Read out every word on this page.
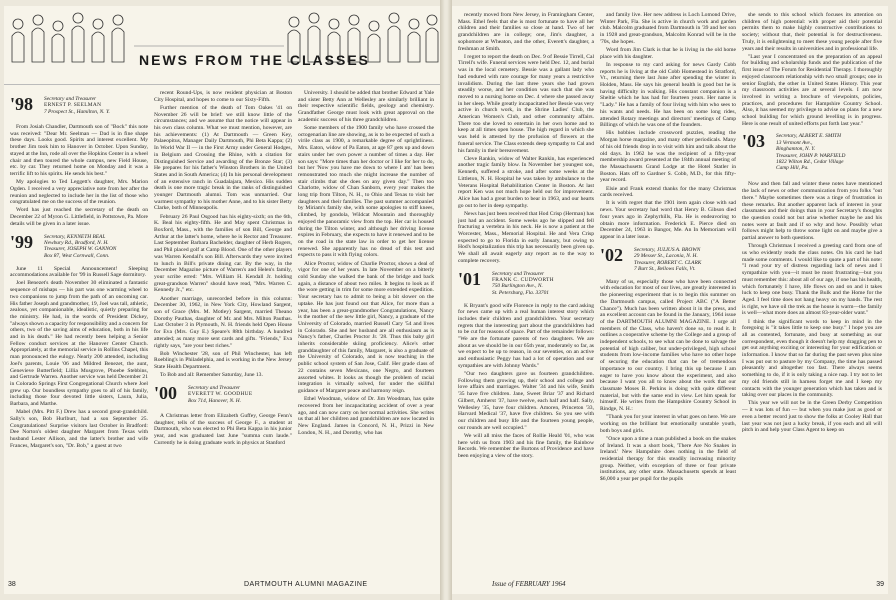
NEWS FROM THE CLASSES
'98 Secretary and Treasurer
ERNEST P. SEELMAN
7 Prospect St., Hamilton, N. Y.

From Josiah Chandler, Dartmouth son of "Bock" this note was received: "Dear Mr. Seelman — Dad is in fine shape these days. Looks good. Spirits and interest excellent. My brother Jim took him to Hanover in October. Upon Sunday, stayed at the Inn, rode all over the Hopkins Center in a wheel chair and then toured the whole campus, new Field House, etc. by car. They returned home on Monday and it was a terrific lift to his spirits. He sends his best."

My apologies to Ted Leggett's daughter, Mrs. Marion Ogden. I received a very appreciative note from her after the reunion and neglected to include her in the list of those who congratulated me on the success of the reunion.

Word has just reached the secretary of the death on December 22 of Myron G. Littlefield, in Pottstown, Pa. More details will be given in a later issue.

'99 Secretary, KENNETH BEAL
Newbury Rd., Bradford, N. H.
Treasurer, JOSEPH W. GANNON
Box 87, West Cornwall, Conn.

June 11 Special Announcement! Sleeping accommodations available for '99 in Russell Sage dormitory.

Joel Benezet's death November 30 eliminated a fantastic sequence of mishaps — his part was one warming wheel to two companions to jump from the path of an oncoming car. His father Joseph and grandmother, 19, Joel was tall, athletic, zealous, yet companionable, idealistic, quietly preparing for the ministry. He had, in the words of President Dickey, "always shown a capacity for responsibility and a concern for others, two of the saving aims of education, both in his life and in his death." He had recently been helping a Senior Fellow conduct services at the Hanover Center Church. Appropriately, at the memorial service in Rollins Chapel, this man pronounced the eulogy. Nearly 200 attended, including Joel's parents, Louie '06 and Mildred Benezet, the aunt, Genevieve Butterfield; Lillia Musgrove, Phoebe Stebbins, and Gertrude Warren. Another service was held December 21 in Colorado Springs First Congregational Church where Joel grew up. Our boundless sympathy goes to all of his family, including those four devoted little sisters, Laura, Julia, Barbara, and Marthe.

Mabel (Mrs. Pitt F.) Drew has a second great-grandchild. Sally's son, Bob Hurlburt, had a son September 25. Congratulations! Surprise visitors last October in Bradford: Dee Norton's oldest daughter Margaret from Texas with husband Lester Allison, and the latter's brother and wife Frances, Margaret's son, "Dr. Bob," a guest at two

recent Round-Ups, is now resident physician at Boston City Hospital, and hopes to come to our Sixty-Fifth.

Further mention of the death of Tom Oakes '41 on November 26 will be brief: we still know little of the circumstances; and we assume that the notice will appear in his own class column. What we must mention, however, are his achievements: (1) At Dartmouth — Green Key, Palaeopitus, Manager Daily Dartmouth, Phi Beta Kappa; (2) In World War II — in the First Army under General Hodges, in Belgium and Crossing the Rhine, with a citation for Distinguished Service and awarding of the Bronze Star; (3) He prepares for his father's Winston Brothers in the United States and in South America; (4) In his personal development of an extensive ranch in Guadalajara, Mexico. His sudden death is one more tragic break in the ranks of distinguished younger Dartmouth alumni. Tom was unmarried. Our warmest sympathy to his mother Anne, and to his sister Betty Clarke, both of Minneapolis.

February 26 Paul Osgood has his eighty-sixth; on the 6th, K. Beal his eighty-fifth. He and May spent Christmas in Boxford, Mass., with the families of son Bill, George and Arthur at the latter's home, where he is Rector and Treasurer. Last September Barbara Bachelder, daughter of Herb Rogers, and Phil placed golf at Camp Blood. One of the other players was Warren Kendall's son Bill. Afterwards they were invited to lunch in Bill's private dining car. By the way, in the December Magazine picture of Warren's and Helen's family, your scribe erred: "Mrs. William H. Kendall Jr. holding great-grandson Warren" should have read, "Mrs. Warren C. Kennedy Jr.," etc.

Another marriage, unrecorded before in this column: December 30, 1962, in New York City, Howland Sargent, son of Grace (Mrs. M. Motley) Sargent, married Theano Dorothy Pauthas, daughter of Mr. and Mrs. Milton Pauthas. Last October 3 in Plymouth, N. H. friends held Open House for Eva (Mrs. Guy E.) Speare's 88th birthday. A hundred attended; as many more sent cards and gifts. "Friends," Eva rightly says, "are your best riches."

Bob Winchester '28, son of Phil Winchester, has left Roebling's in Philadelphia, and is working in the New Jersey State Health Department.

To Bob and all: Remember Saturday, June 13.

'00 Secretary and Treasurer
EVERETT W. GOODHUE
Box 714, Hanover, N. H.

A Christmas letter from Elizabeth Guffey, George Fenn's daughter, tells of the success of George F., a student at Dartmouth, who was elected to Phi Beta Kappa in his junior year, and was graduated last June "summa cum laude." Currently he is doing graduate work in physics at Stanford

University. I should be added that brother Edward at Yale and sister Betty Ann at Wellesley are similarly brilliant in their respective scientific fields, geology and chemistry. Grandfather George must look with great approval on the academic success of his three grandchildren.

Some members of the 1900 family who have crossed the octogenarian line are showing, as is to be expected of such a virile class as 1900, a remarkable degree of sprightliness. Mrs. Eaton, widow of Pa Eaton, at age 87 gets up and down stairs under her own power a number of times a day. Her son says: "More times than her doctor or I like for her to do, but her 'Now you have me down to where I am' has been remonstrated too much she might increase the number of stair climbs that she does on any given day." Then too Charlotte, widow of Chan Sanborn, every year makes the long trip from Tilton, N. H., to Ohio and Texas to visit her daughters and their families. The past summer accompanied by Miriam's family she, with some apologies to stiff knees, climbed, by gondola, Wildcat Mountain and thoroughly enjoyed the panoramic view from the top. Her car is housed during the Tilton winter, and although her driving license expires in February, she expects to have it renewed and to be on the road in the state law in order to get her license renewed. She apparently has no dread of this test and expects to pass it with flying colors.

Alice Proctor, widow of Charlie Proctor, shows a deal of vigor for one of her years. In late November on a bitterly cold Sunday she walked the bank of the bridge and back again, a distance of about two miles. It begins to look as if the wore getting in trim for some more extended expedition. Your secretary has to admit to being a bit slower on the uptake. He has just found out that Alice, for more than a year, has been a great-grandmother Congratulations, Nancy is the mother of the new little girl, Nancy, a graduate of the University of Colorado, married Russell Cary '54 and lives in Colorado. She and her husband are all enthusiasm as is Nancy's father, Charles Proctor Jr. '28. Thus this baby girl inherits considerable skiing proficiency. Alice's other granddaughter of this family, Margaret, is also a graduate of the University of Colorado, and is now teaching in the public school system of San Jose, Calif. Her grade class of 22 contains seven Mexicans, one Negro, and fourteen assorted whites. It looks as though the problem of racial integration is virtually solved, for under the skillful guidance of Margaret peace and harmony reign.

Ethel Woodman, widow of Dr. Jim Woodman, has quite recovered from her incapacitating accident of over a year ago, and can now carry on her normal activities. She writes us that all her children and grandchildren are now located in New England. James in Concord, N. H., Prizzi in New London, N. H., and Dorothy, who has

38	DARTMOUTH ALUMNI MAGAZINE

recently moved from New Jersey, in Framingham Center, Mass. Ethel feels that she is most fortunate to have all her children and their families so close at hand. Two of her grandchildren are in college; one, Jim's daughter, a sophomore at Wheaton, and the other, Everett's daughter, a freshman at Smith.

I regret to report the death on Dec. 9 of Bessie Tirrell, Cal Tirrell's wife. Funeral services were held Dec. 12, and burial was in the local cemetery. Bessie was a gallant lady who had endured with rare courage for many years a restrictive invalidism. During the last three years she had grown steadily worse, and her condition was such that she was moved to a nursing home on Dec. 4 where she passed away in her sleep. While greatly incapacitated her Bessie was very active in church work, in the Shrine Ladies' Club, the American Women's Club, and other community affairs. There too she loved to entertain in her own home and to keep at all times open house. The high regard in which she was held is attested by the profusion of flowers at the funeral service. The Class extends deep sympathy to Cal and his family in their bereavement.

Cleve Rankin, widow of Walter Rankin, has experienced another tragic family blow. In November her youngest son, Kenneth, suffered a stroke, and after some weeks at the Littleton, N. H. Hospital he was taken by ambulance to the Veterans Hospital Rehabilitation Center in Boston. At last report Ken was not much hope held out for improvement. Alice has had a great burden to bear in 1963, and our hearts go out to her in deep sympathy.

News has just been received that Hod Crisp (Herman) has just had an accident. Some weeks ago he slipped and fell fracturing a vertebra in his neck. He is now a patient at the Worcester, Mass., Memorial Hospital. He and Vera Crisp expected to go to Florida in early January, but owing to Hod's hospitalization this trip has necessarily been given up. We shall all await eagerly any report as to the way to complete recovery.

'01 Secretary and Treasurer
FRANK C. CUDWORTH
750 Burlington Ave., N.
St. Petersburg, Fla. 33701

K Bryant's good wife Florence in reply to the card asking for news came up with a real human interest story which includes their children and grandchildren. Your secretary regrets that the interesting part about the grandchildren had to be cut for reasons of space. Part of the remainder follows: "We are the fortunate parents of two daughters. We are about as we should be in our 65th year, moderately so far, as we expect to be up to reason, in our seventies, on an active and enthusiastic Peggy has had a lot of operation and our sympathies are with Johnny Wards."

"Our two daughters gave us fourteen grandchildren. Following them growing up, their school and college and love affairs and marriages. Walter '34 and his wife, Smith '35 have five children. Jane, Sweet Briar '37 and Richard Gilbert, Amherst '37, have twelve, each half and half. Sally, Wellesley '35, have four children. Amoren, Princeton '33, Harvard Medical '37, have five children. So you see with our children and busy life and the fourteen young people, our rounds are well occupied."

We will all miss the faces of Rollie Heald '01, who was here with us from 1903 and his fine family, the Rainbow Records. We remember the Burtons of Providence and have been enjoying a view of the story.

and family live. Her new address is Loch Lomond Drive, Winter Park, Fla. She is active in church work and garden club. Malcolm graduated from Dartmouth in '39 and her son in 1928 and great-grandson, Malcolm Konrad will be in the '70s, she hopes.

Word from Jim Clark is that he is living in the old home place with his daughter.

In response to my card asking for news Gardy Cobb reports he is living at the old Cobb Homestead in Stratford, Vt., returning there last June after spending the winter in Holden, Mass. He says his general health is good but he is having difficulty in walking. His constant companion is a Sheltie which he has had for fourteen years. Her name is "Lady." He has a family of four living with him who sees to his wants and needs. He has been on some long rides, attended Rotary meetings and directors' meetings of Camp Billings of which he was one of the founders.

His hobbies include crossword puzzles, reading the Morgan horse magazine, and many other periodicals. Many of his old friends drop in to visit with him and talk about the old days. In 1962 he was the recipient of a fifty-year membership award presented at the 184th annual meeting of the Massachusetts Grand Lodge at the Hotel Statler in Boston. Hats off to Gardner S. Cobb, M.D., for this fifty-year record.

Elsie and Frank extend thanks for the many Christmas cards received.

It is with regret that the 1901 item again close with sad news. Your secretary had word that Henry B. Gibson died four years ago in Zephyrhills, Fla. He is endeavoring to obtain more information. Frederick E. Pierce died on December 24, 1963 in Bangor, Me. An In Memoriam will appear in a later issue.

'02 Secretary, JULIUS A. BROWN
29 Messer St., Laconia, N. H.
Treasurer, ROBERT C. CLARK
7 Burt St., Bellows Falls, Vt.

Many of us, especially those who have been connected with education for most of our lives, are greatly interested in the pioneering experiment that is to begin this summer on the Dartmouth campus, called Project ABC ("A Better Chance"). Much has been written about it in the press, and an excellent account can be found in the January, 1964 issue of the DARTMOUTH ALUMNI MAGAZINE. I urge all members of the Class, who haven't done so, to read it. It outlines a cooperative scheme by the College and a group of independent schools, to see what can be done to salvage the potential of high caliber, but under-privileged, high school students from low-income families who have no other hope of securing the education that can be of tremendous importance to our country. I bring this up because I am eager to have you know about the experiment, and also because I want you all to know about the work that our classmate Moses B. Perkins is doing with quite different material, but with the same end in view. Let him speak for himself. He writes from the Hampshire Country School in Rindge, N. H.:

"Thank you for your interest in what goes on here. We are working on the brilliant but emotionally unstable youth, both boys and girls.

"Once upon a time a man published a book on the snakes of Ireland. It was a short book, 'There Are No Snakes in Ireland.' New Hampshire does nothing in the field of residential therapy for this steadily increasing minority group. Neither, with exception of three or four private institutions, any other state. Massachusetts spends at least $6,000 a year per pupil for the pupils

she sends to this school which focuses its attention on children of high potential: with proper aid their potential permits them to make highly constructive contributions to society; without that, their potential is for destructiveness. Truly, it is enlightening to meet these young people after five years and their results in universities and in professional life.

"Last year I concentrated on the preparation of an appeal for building and scholarship funds and the publication of the first issue of The Forum for Residential Therapy. I thoroughly enjoyed classroom relationship with two small groups; one in senior English, the other in United States History. This year my classroom activities are at several levels. I am now involved in writing a brochure of viewpoints, policies, practices, and procedures for Hampshire Country School. Also, it has seemed my privilege to advise on plans for a new school building for which ground levelling is in progress. Here is one result of united efforts put forth last year."

'03 Secretary, ALBERT E. SMITH
13 Vermont Ave.,
Binghamton, N. Y.
Treasurer, JOHN P. WARFIELD
1822 Wilton Rd., Cedar Village
Camp Hill, Pa.

Now and then fall and winter these notes have mentioned the lack of news or other communication from you folks "out there." Maybe sometimes there was a tinge of frustration in these remarks. But another apparent lack of interest in your classmates and their doings than in your Secretary's thoughts the question could not but arise whether maybe he and his notes were at fault and if so why and how. Possibly what follows might help to throw some light on and maybe give a partial answer to both questions.

Through Christmas I received a greeting card from one of us who evidently reads the class notes. On his card he had made some comments. I would like to quote a part of his note: "I read your try of distress regarding lack of news and I sympathize with you—it must be most frustrating—but you must remember this: about all of our age, if one has his health, which fortunately I have, life flows on and on and it takes luck to keep one busy. Thank the Bulk and the Home for the Aged. I feel time does not hang heavy on my hands. The rest is right, we have oil the trek as the house is warm—the family is well—what more does an almost 83-year-older want."

I think the significant words to keep in mind in the foregoing is "it takes little to keep one busy." I hope you are all as contented, fortunate, and busy at something as our correspondent, even though it doesn't help my dragging pen to get out anything exciting or interesting for your edification or information. I know that so far during the past seven plus nine I was put out to pasture by my Company, the time has passed pleasantly and altogether too fast. There always seems something to do, if it is only taking a nice nap. I try not to let my old friends still in harness forget me and I keep my contacts with the younger generation which has taken and is taking over our places in the community.

This year we will not be in the Green Derby Competition — it was lots of fun — but when you make just as good or even a better record just to show the folks at Cooley Hall that last year was not just a lucky break, if you each and all will pitch in and help your Class Agent to keep on

Issue of FEBRUARY 1964	39
